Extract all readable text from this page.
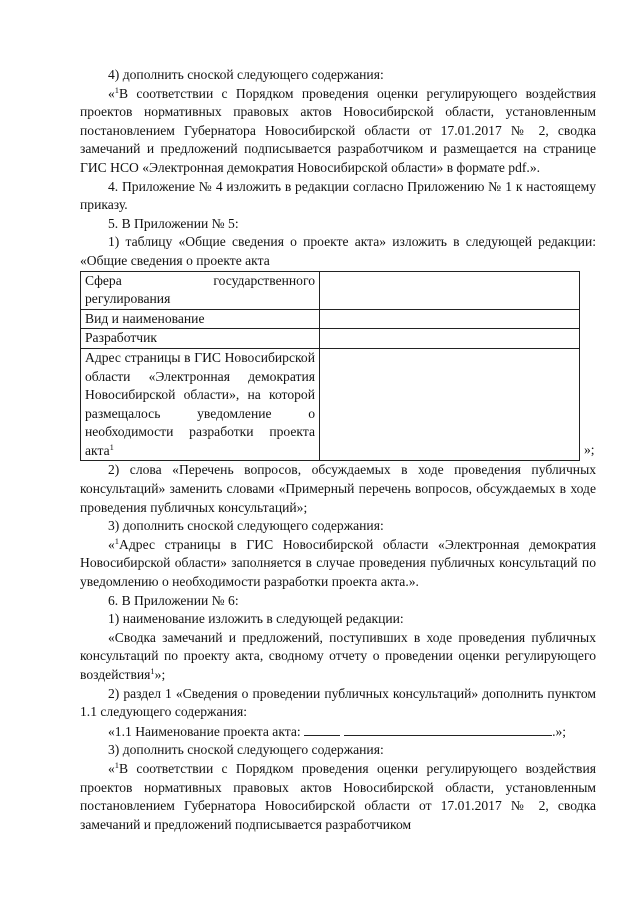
4) дополнить сноской следующего содержания:

«$^1$В соответствии с Порядком проведения оценки регулирующего воздействия проектов нормативных правовых актов Новосибирской области, установленным постановлением Губернатора Новосибирской области от 17.01.2017 № 2, сводка замечаний и предложений подписывается разработчиком и размещается на странице ГИС НСО «Электронная демократия Новосибирской области» в формате pdf.».

4. Приложение № 4 изложить в редакции согласно Приложению № 1 к настоящему приказу.

5. В Приложении № 5:

1) таблицу «Общие сведения о проекте акта» изложить в следующей редакции: «Общие сведения о проекте акта

Сфера государственного регулирования	
Вид и наименование	
Разработчик	
Адрес страницы в ГИС Новосибирской области «Электронная демократия Новосибирской области», на которой размещалось уведомление о необходимости разработки проекта акта$^1$		»;

2) слова «Перечень вопросов, обсуждаемых в ходе проведения публичных консультаций» заменить словами «Примерный перечень вопросов, обсуждаемых в ходе проведения публичных консультаций»;

3) дополнить сноской следующего содержания:

«$^1$Адрес страницы в ГИС Новосибирской области «Электронная демократия Новосибирской области» заполняется в случае проведения публичных консультаций по уведомлению о необходимости разработки проекта акта.».

6. В Приложении № 6:

1) наименование изложить в следующей редакции:

«Сводка замечаний и предложений, поступивших в ходе проведения публичных консультаций по проекту акта, сводному отчету о проведении оценки регулирующего воздействия$^1$»;

2) раздел 1 «Сведения о проведении публичных консультаций» дополнить пунктом 1.1 следующего содержания:

«1.1 Наименование проекта акта:	.»;

3) дополнить сноской следующего содержания:

«$^1$В соответствии с Порядком проведения оценки регулирующего воздействия проектов нормативных правовых актов Новосибирской области, установленным постановлением Губернатора Новосибирской области от 17.01.2017 № 2, сводка замечаний и предложений подписывается разработчиком
